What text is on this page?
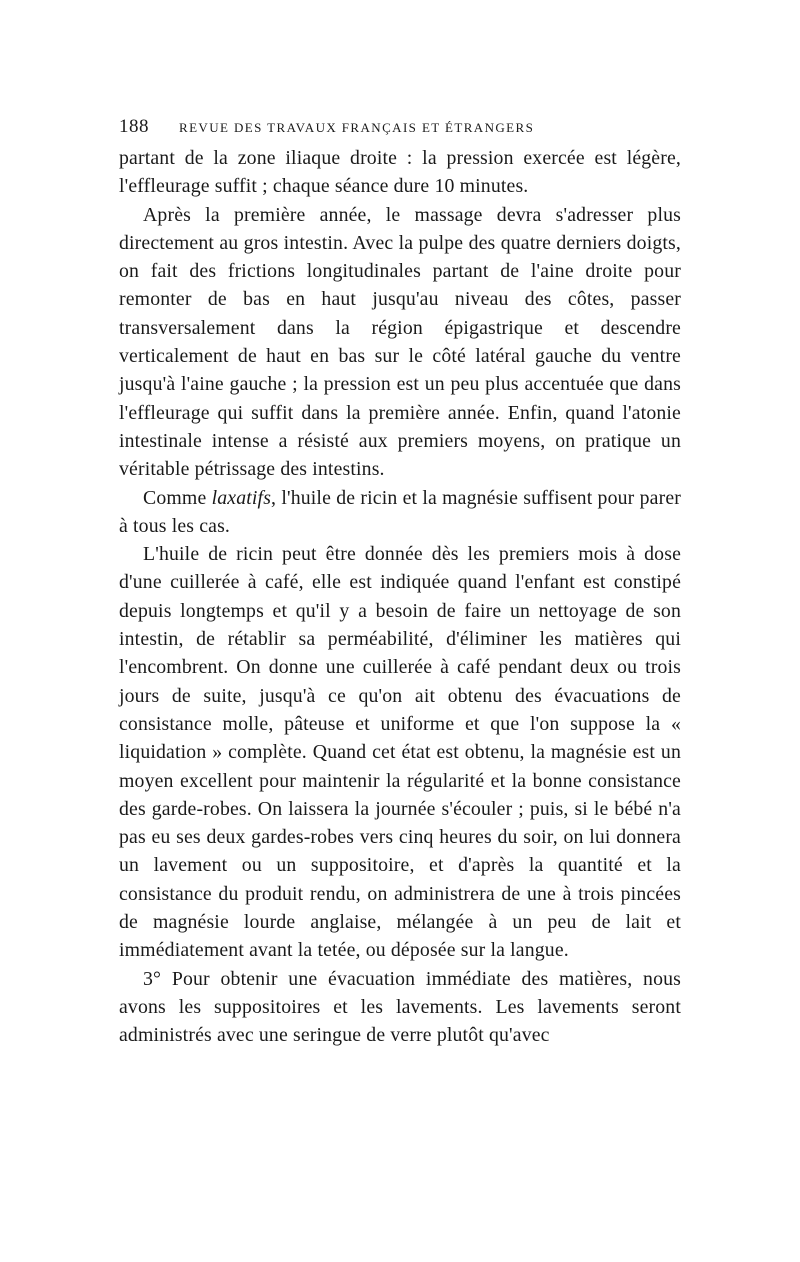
188 REVUE DES TRAVAUX FRANÇAIS ET ÉTRANGERS

partant de la zone iliaque droite : la pression exercée est légère, l'effleurage suffit ; chaque séance dure 10 minutes.

Après la première année, le massage devra s'adresser plus directement au gros intestin. Avec la pulpe des quatre derniers doigts, on fait des frictions longitudinales partant de l'aine droite pour remonter de bas en haut jusqu'au niveau des côtes, passer transversalement dans la région épigastrique et descendre verticalement de haut en bas sur le côté latéral gauche du ventre jusqu'à l'aine gauche ; la pression est un peu plus accentuée que dans l'effleurage qui suffit dans la première année. Enfin, quand l'atonie intestinale intense a résisté aux premiers moyens, on pratique un véritable pétrissage des intestins.

Comme laxatifs, l'huile de ricin et la magnésie suffisent pour parer à tous les cas.

L'huile de ricin peut être donnée dès les premiers mois à dose d'une cuillerée à café, elle est indiquée quand l'enfant est constipé depuis longtemps et qu'il y a besoin de faire un nettoyage de son intestin, de rétablir sa perméabilité, d'éliminer les matières qui l'encombrent. On donne une cuillerée à café pendant deux ou trois jours de suite, jusqu'à ce qu'on ait obtenu des évacuations de consistance molle, pâteuse et uniforme et que l'on suppose la « liquidation » complète. Quand cet état est obtenu, la magnésie est un moyen excellent pour maintenir la régularité et la bonne consistance des garde-robes. On laissera la journée s'écouler ; puis, si le bébé n'a pas eu ses deux gardes-robes vers cinq heures du soir, on lui donnera un lavement ou un suppositoire, et d'après la quantité et la consistance du produit rendu, on administrera de une à trois pincées de magnésie lourde anglaise, mélangée à un peu de lait et immédiatement avant la tetée, ou déposée sur la langue.

3° Pour obtenir une évacuation immédiate des matières, nous avons les suppositoires et les lavements. Les lavements seront administrés avec une seringue de verre plutôt qu'avec
